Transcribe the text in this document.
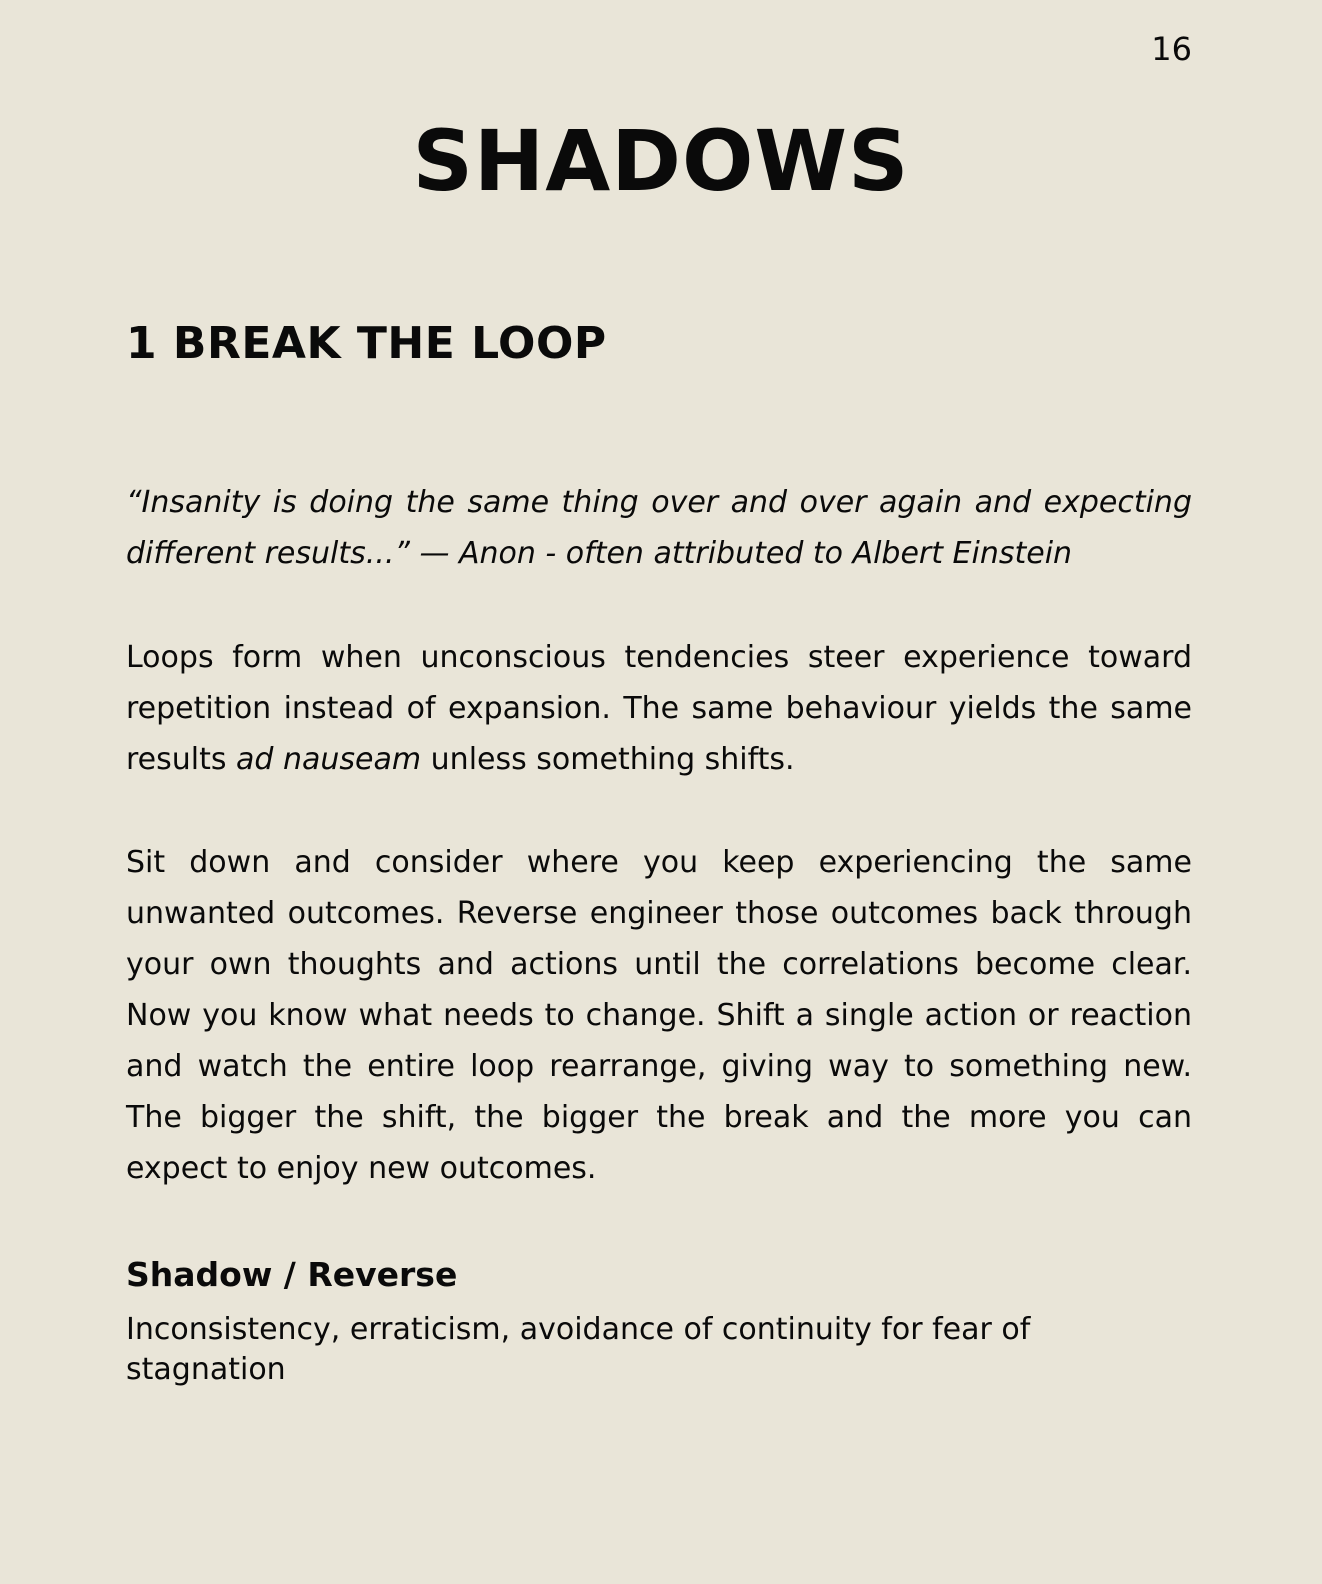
16
SHADOWS
1 BREAK THE LOOP

“Insanity is doing the same thing over and over again and expecting different results...” — Anon - often attributed to Albert Einstein

Loops form when unconscious tendencies steer experience toward repetition instead of expansion. The same behaviour yields the same results ad nauseam unless something shifts.

Sit down and consider where you keep experiencing the same unwanted outcomes. Reverse engineer those outcomes back through your own thoughts and actions until the correlations become clear. Now you know what needs to change. Shift a single action or reaction and watch the entire loop rearrange, giving way to something new. The bigger the shift, the bigger the break and the more you can expect to enjoy new outcomes.

Shadow / Reverse

Inconsistency, erraticism, avoidance of continuity for fear of stagnation
